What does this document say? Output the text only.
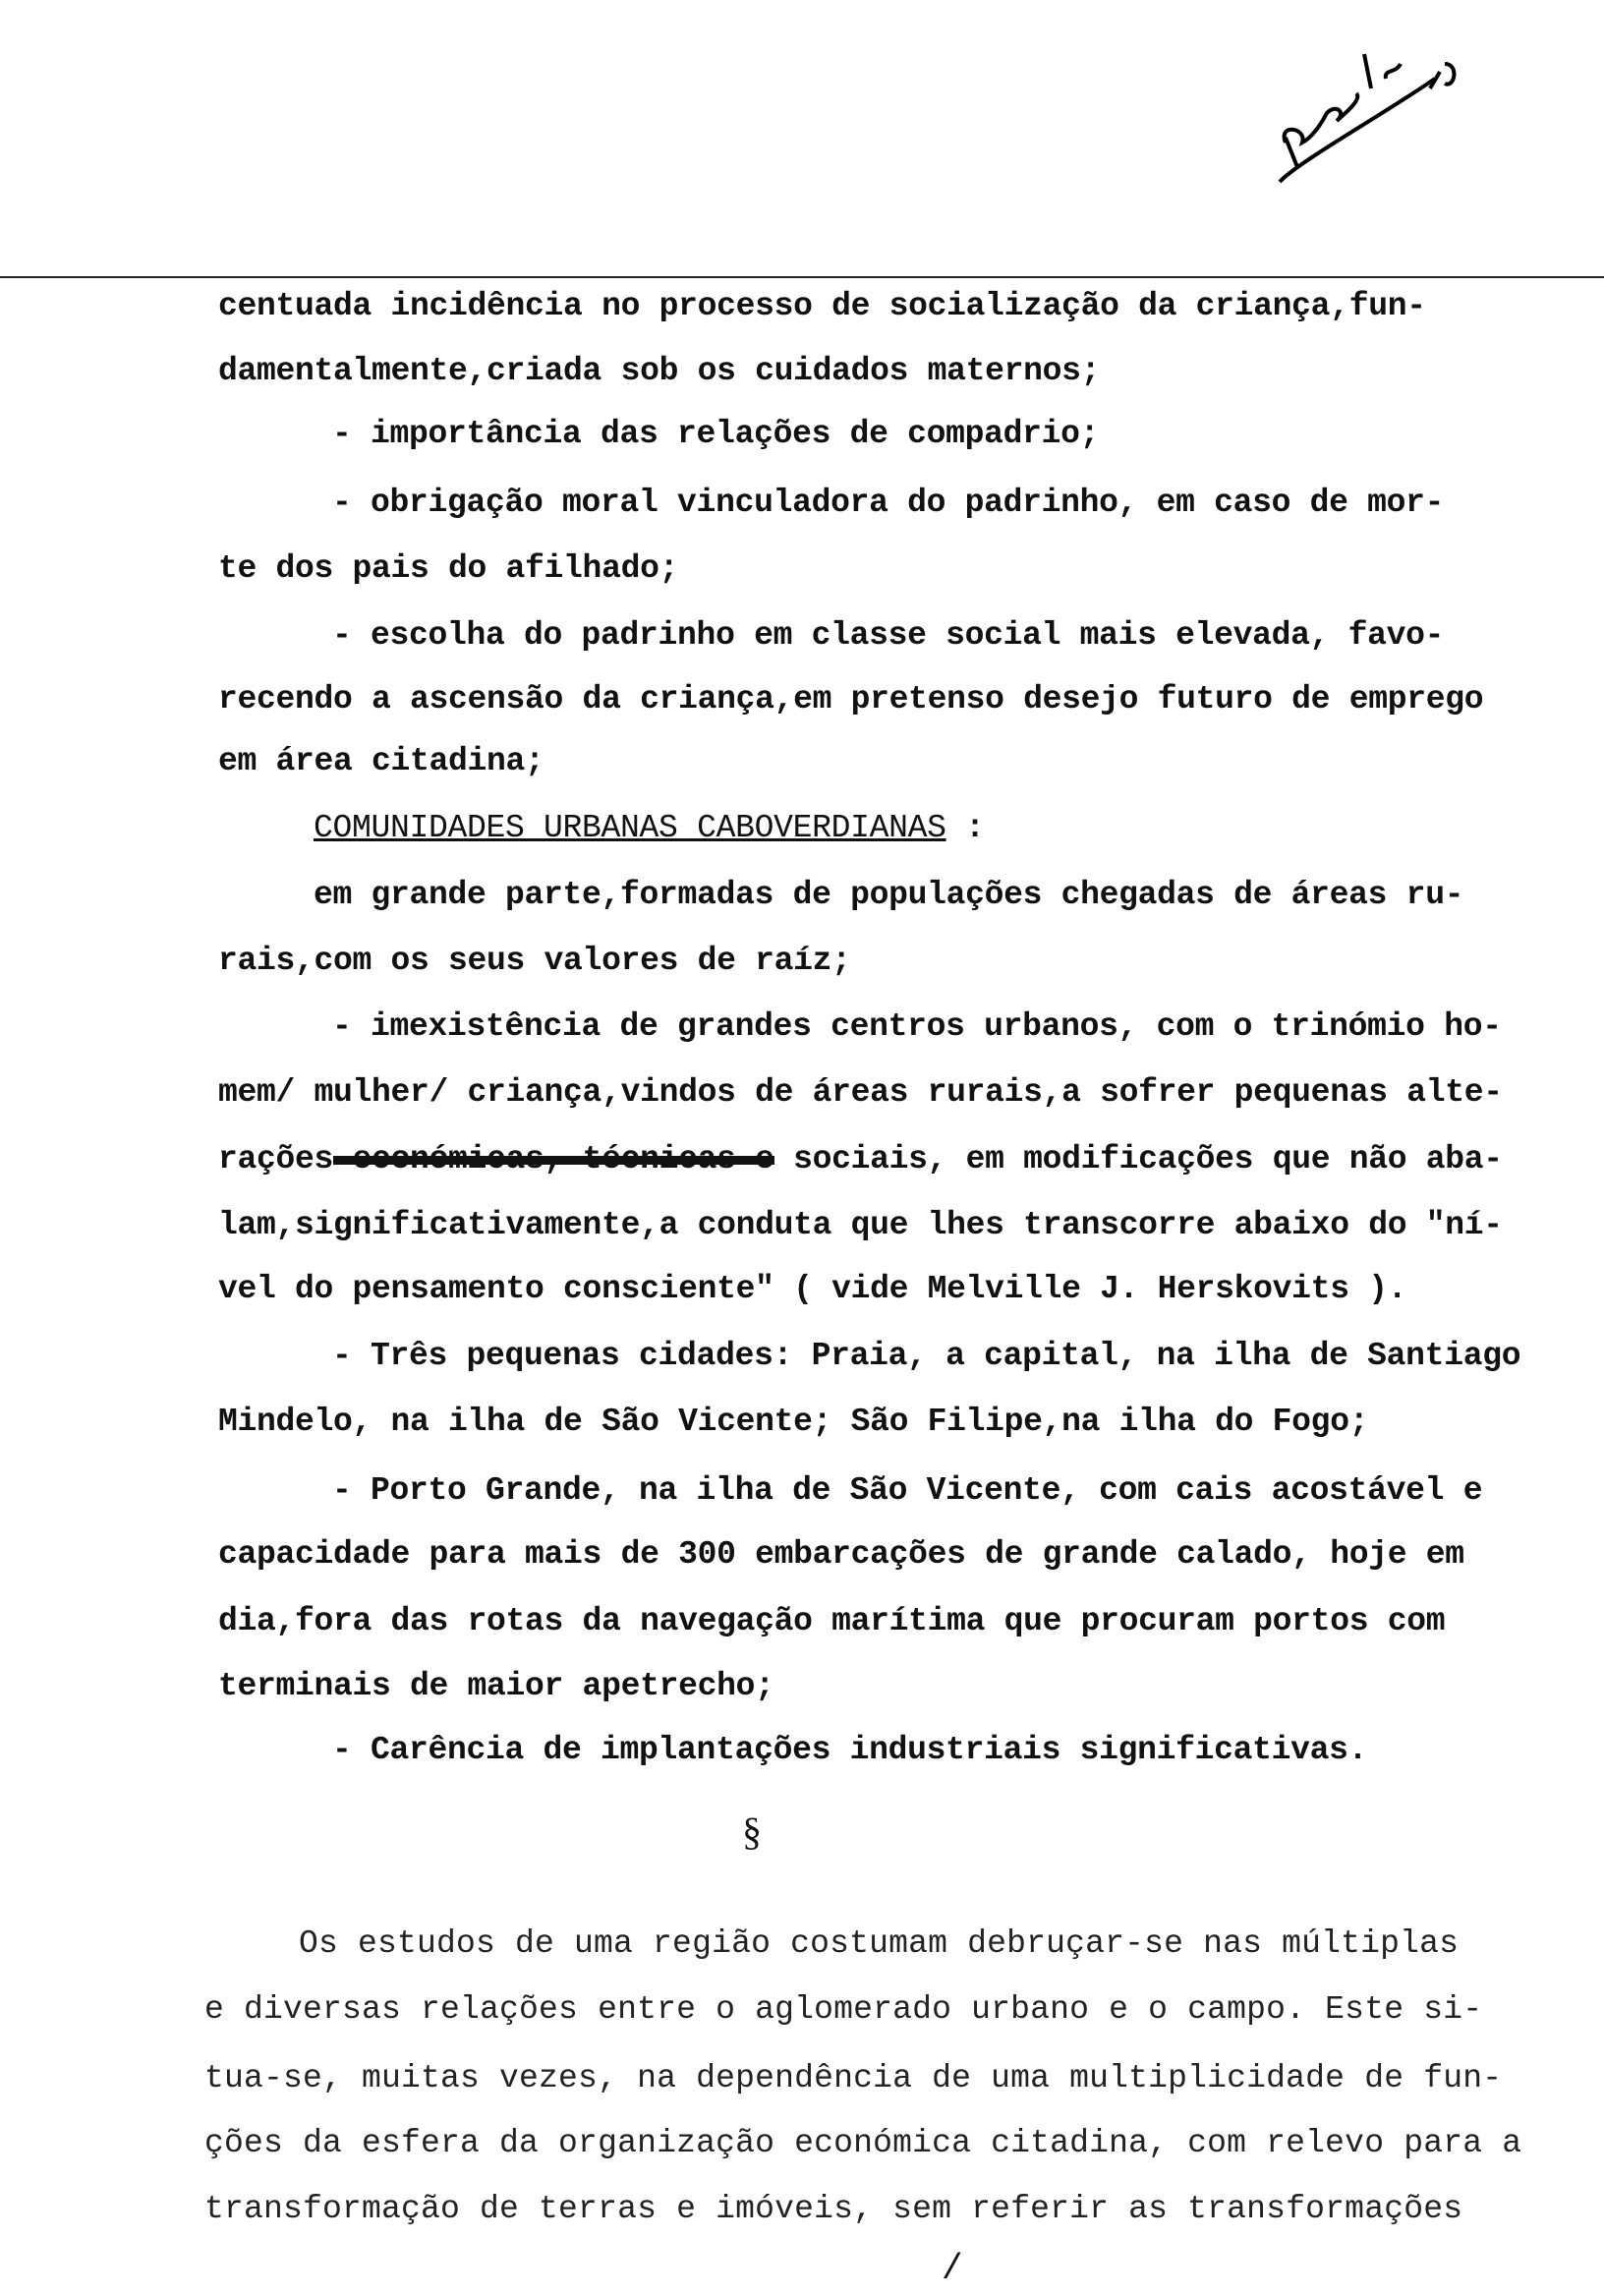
centuada incidência no processo de socialização da criança,fun-
damentalmente,criada sob os cuidados maternos;
- importância das relações de compadrio;
- obrigação moral vinculadora do padrinho, em caso de mor-
te dos pais do afilhado;
- escolha do padrinho em classe social mais elevada, favo-
recendo a ascensão da criança,em pretenso desejo futuro de emprego
em área citadina;
COMUNIDADES URBANAS CABOVERDIANAS :
em grande parte,formadas de populações chegadas de áreas ru-
rais,com os seus valores de raíz;
- imexistência de grandes centros urbanos, com o trinómio ho-
mem/ mulher/ criança,vindos de áreas rurais,a sofrer pequenas alte-
rações económicas, técnicas e sociais, em modificações que não aba-
lam,significativamente,a conduta que lhes transcorre abaixo do "ní-
vel do pensamento consciente" ( vide Melville J. Herskovits ).
- Três pequenas cidades: Praia, a capital, na ilha de Santiago
Mindelo, na ilha de São Vicente; São Filipe,na ilha do Fogo;
- Porto Grande, na ilha de São Vicente, com cais acostável e
capacidade para mais de 300 embarcações de grande calado, hoje em
dia,fora das rotas da navegação marítima que procuram portos com
terminais de maior apetrecho;
- Carência de implantações industriais significativas.
§
Os estudos de uma região costumam debruçar-se nas múltiplas
e diversas relações entre o aglomerado urbano e o campo. Este si-
tua-se, muitas vezes, na dependência de uma multiplicidade de fun-
ções da esfera da organização económica citadina, com relevo para a
transformação de terras e imóveis, sem referir as transformações
/
